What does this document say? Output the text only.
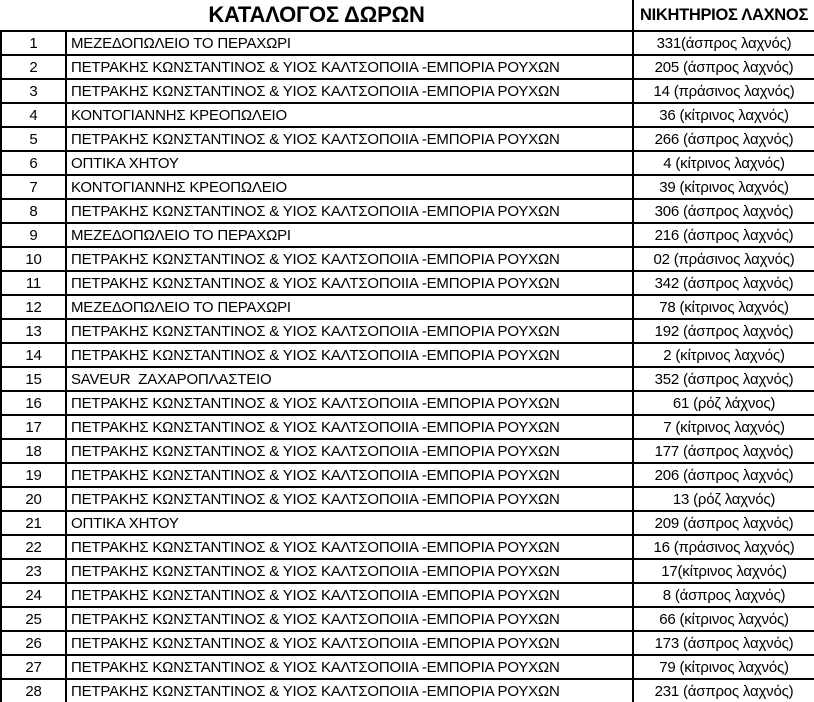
ΚΑΤΑΛΟΓΟΣ ΔΩΡΩΝ		ΝΙΚΗΤΗΡΙΟΣ ΛΑΧΝΟΣ
1	ΜΕΖΕΔΟΠΩΛΕΙΟ ΤΟ ΠΕΡΑΧΩΡΙ	331(άσπρος λαχνός)
2	ΠΕΤΡΑΚΗΣ ΚΩΝΣΤΑΝΤΙΝΟΣ & ΥΙΟΣ ΚΑΛΤΣΟΠΟΙΙΑ -ΕΜΠΟΡΙΑ ΡΟΥΧΩΝ	205 (άσπρος λαχνός)
3	ΠΕΤΡΑΚΗΣ ΚΩΝΣΤΑΝΤΙΝΟΣ & ΥΙΟΣ ΚΑΛΤΣΟΠΟΙΙΑ -ΕΜΠΟΡΙΑ ΡΟΥΧΩΝ	14 (πράσινος λαχνός)
4	ΚΟΝΤΟΓΙΑΝΝΗΣ ΚΡΕΟΠΩΛΕΙΟ	36 (κίτρινος λαχνός)
5	ΠΕΤΡΑΚΗΣ ΚΩΝΣΤΑΝΤΙΝΟΣ & ΥΙΟΣ ΚΑΛΤΣΟΠΟΙΙΑ -ΕΜΠΟΡΙΑ ΡΟΥΧΩΝ	266 (άσπρος λαχνός)
6	ΟΠΤΙΚΑ ΧΗΤΟΥ	4 (κίτρινος λαχνός)
7	ΚΟΝΤΟΓΙΑΝΝΗΣ ΚΡΕΟΠΩΛΕΙΟ	39 (κίτρινος λαχνός)
8	ΠΕΤΡΑΚΗΣ ΚΩΝΣΤΑΝΤΙΝΟΣ & ΥΙΟΣ ΚΑΛΤΣΟΠΟΙΙΑ -ΕΜΠΟΡΙΑ ΡΟΥΧΩΝ	306 (άσπρος λαχνός)
9	ΜΕΖΕΔΟΠΩΛΕΙΟ ΤΟ ΠΕΡΑΧΩΡΙ	216 (άσπρος λαχνός)
10	ΠΕΤΡΑΚΗΣ ΚΩΝΣΤΑΝΤΙΝΟΣ & ΥΙΟΣ ΚΑΛΤΣΟΠΟΙΙΑ -ΕΜΠΟΡΙΑ ΡΟΥΧΩΝ	02 (πράσινος λαχνός)
11	ΠΕΤΡΑΚΗΣ ΚΩΝΣΤΑΝΤΙΝΟΣ & ΥΙΟΣ ΚΑΛΤΣΟΠΟΙΙΑ -ΕΜΠΟΡΙΑ ΡΟΥΧΩΝ	342 (άσπρος λαχνός)
12	ΜΕΖΕΔΟΠΩΛΕΙΟ ΤΟ ΠΕΡΑΧΩΡΙ	78 (κίτρινος λαχνός)
13	ΠΕΤΡΑΚΗΣ ΚΩΝΣΤΑΝΤΙΝΟΣ & ΥΙΟΣ ΚΑΛΤΣΟΠΟΙΙΑ -ΕΜΠΟΡΙΑ ΡΟΥΧΩΝ	192 (άσπρος λαχνός)
14	ΠΕΤΡΑΚΗΣ ΚΩΝΣΤΑΝΤΙΝΟΣ & ΥΙΟΣ ΚΑΛΤΣΟΠΟΙΙΑ -ΕΜΠΟΡΙΑ ΡΟΥΧΩΝ	2 (κίτρινος λαχνός)
15	SAVEUR  ΖΑΧΑΡΟΠΛΑΣΤΕΙΟ	352 (άσπρος λαχνός)
16	ΠΕΤΡΑΚΗΣ ΚΩΝΣΤΑΝΤΙΝΟΣ & ΥΙΟΣ ΚΑΛΤΣΟΠΟΙΙΑ -ΕΜΠΟΡΙΑ ΡΟΥΧΩΝ	61 (ρόζ λάχνος)
17	ΠΕΤΡΑΚΗΣ ΚΩΝΣΤΑΝΤΙΝΟΣ & ΥΙΟΣ ΚΑΛΤΣΟΠΟΙΙΑ -ΕΜΠΟΡΙΑ ΡΟΥΧΩΝ	7 (κίτρινος λαχνός)
18	ΠΕΤΡΑΚΗΣ ΚΩΝΣΤΑΝΤΙΝΟΣ & ΥΙΟΣ ΚΑΛΤΣΟΠΟΙΙΑ -ΕΜΠΟΡΙΑ ΡΟΥΧΩΝ	177 (άσπρος λαχνός)
19	ΠΕΤΡΑΚΗΣ ΚΩΝΣΤΑΝΤΙΝΟΣ & ΥΙΟΣ ΚΑΛΤΣΟΠΟΙΙΑ -ΕΜΠΟΡΙΑ ΡΟΥΧΩΝ	206 (άσπρος λαχνός)
20	ΠΕΤΡΑΚΗΣ ΚΩΝΣΤΑΝΤΙΝΟΣ & ΥΙΟΣ ΚΑΛΤΣΟΠΟΙΙΑ -ΕΜΠΟΡΙΑ ΡΟΥΧΩΝ	13 (ρόζ λαχνός)
21	ΟΠΤΙΚΑ ΧΗΤΟΥ	209 (άσπρος λαχνός)
22	ΠΕΤΡΑΚΗΣ ΚΩΝΣΤΑΝΤΙΝΟΣ & ΥΙΟΣ ΚΑΛΤΣΟΠΟΙΙΑ -ΕΜΠΟΡΙΑ ΡΟΥΧΩΝ	16 (πράσινος λαχνός)
23	ΠΕΤΡΑΚΗΣ ΚΩΝΣΤΑΝΤΙΝΟΣ & ΥΙΟΣ ΚΑΛΤΣΟΠΟΙΙΑ -ΕΜΠΟΡΙΑ ΡΟΥΧΩΝ	17(κίτρινος λαχνός)
24	ΠΕΤΡΑΚΗΣ ΚΩΝΣΤΑΝΤΙΝΟΣ & ΥΙΟΣ ΚΑΛΤΣΟΠΟΙΙΑ -ΕΜΠΟΡΙΑ ΡΟΥΧΩΝ	8 (άσπρος λαχνός)
25	ΠΕΤΡΑΚΗΣ ΚΩΝΣΤΑΝΤΙΝΟΣ & ΥΙΟΣ ΚΑΛΤΣΟΠΟΙΙΑ -ΕΜΠΟΡΙΑ ΡΟΥΧΩΝ	66 (κίτρινος λαχνός)
26	ΠΕΤΡΑΚΗΣ ΚΩΝΣΤΑΝΤΙΝΟΣ & ΥΙΟΣ ΚΑΛΤΣΟΠΟΙΙΑ -ΕΜΠΟΡΙΑ ΡΟΥΧΩΝ	173 (άσπρος λαχνός)
27	ΠΕΤΡΑΚΗΣ ΚΩΝΣΤΑΝΤΙΝΟΣ & ΥΙΟΣ ΚΑΛΤΣΟΠΟΙΙΑ -ΕΜΠΟΡΙΑ ΡΟΥΧΩΝ	79 (κίτρινος λαχνός)
28	ΠΕΤΡΑΚΗΣ ΚΩΝΣΤΑΝΤΙΝΟΣ & ΥΙΟΣ ΚΑΛΤΣΟΠΟΙΙΑ -ΕΜΠΟΡΙΑ ΡΟΥΧΩΝ	231 (άσπρος λαχνός)
